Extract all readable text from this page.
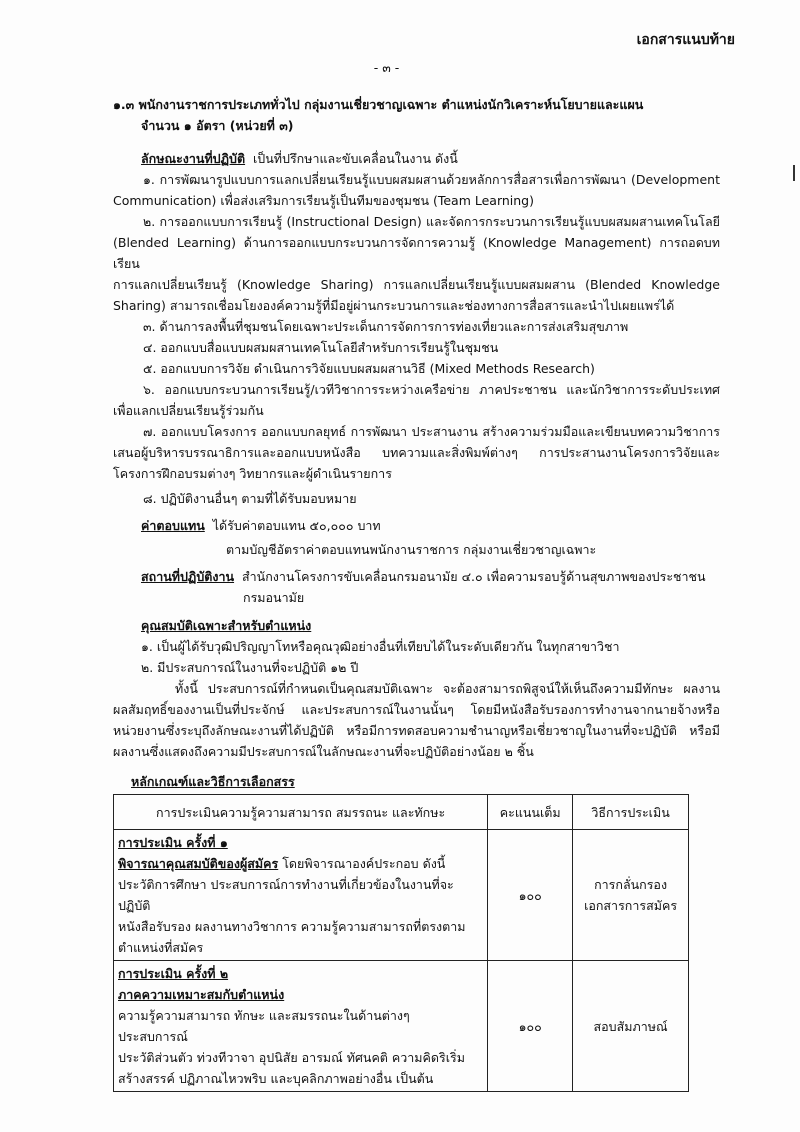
เอกสารแนบท้าย
- ๓ -
๑.๓ พนักงานราชการประเภททั่วไป กลุ่มงานเชี่ยวชาญเฉพาะ ตำแหน่งนักวิเคราะห์นโยบายและแผน
จำนวน ๑ อัตรา (หน่วยที่ ๓)
ลักษณะงานที่ปฏิบัติ เป็นที่ปรึกษาและขับเคลื่อนในงาน ดังนี้
๑. การพัฒนารูปแบบการแลกเปลี่ยนเรียนรู้แบบผสมผสานด้วยหลักการสื่อสารเพื่อการพัฒนา (Development
Communication) เพื่อส่งเสริมการเรียนรู้เป็นทีมของชุมชน (Team Learning)
๒. การออกแบบการเรียนรู้ (Instructional Design) และจัดการกระบวนการเรียนรู้แบบผสมผสานเทคโนโลยี
(Blended Learning) ด้านการออกแบบกระบวนการจัดการความรู้ (Knowledge Management) การถอดบทเรียน
การแลกเปลี่ยนเรียนรู้ (Knowledge Sharing) การแลกเปลี่ยนเรียนรู้แบบผสมผสาน (Blended Knowledge
Sharing) สามารถเชื่อมโยงองค์ความรู้ที่มีอยู่ผ่านกระบวนการและช่องทางการสื่อสารและนำไปเผยแพร่ได้
๓. ด้านการลงพื้นที่ชุมชนโดยเฉพาะประเด็นการจัดการการท่องเที่ยวและการส่งเสริมสุขภาพ
๔. ออกแบบสื่อแบบผสมผสานเทคโนโลยีสำหรับการเรียนรู้ในชุมชน
๕. ออกแบบการวิจัย ดำเนินการวิจัยแบบผสมผสานวิธี (Mixed Methods Research)
๖. ออกแบบกระบวนการเรียนรู้/เวทีวิชาการระหว่างเครือข่าย ภาคประชาชน และนักวิชาการระดับประเทศ
เพื่อแลกเปลี่ยนเรียนรู้ร่วมกัน
๗. ออกแบบโครงการ ออกแบบกลยุทธ์ การพัฒนา ประสานงาน สร้างความร่วมมือและเขียนบทความวิชาการ
เสนอผู้บริหารบรรณาธิการและออกแบบหนังสือ บทความและสิ่งพิมพ์ต่างๆ การประสานงานโครงการวิจัยและ
โครงการฝึกอบรมต่างๆ วิทยากรและผู้ดำเนินรายการ
๘. ปฏิบัติงานอื่นๆ ตามที่ได้รับมอบหมาย
ค่าตอบแทน ได้รับค่าตอบแทน ๕๐,๐๐๐ บาท
ตามบัญชีอัตราค่าตอบแทนพนักงานราชการ กลุ่มงานเชี่ยวชาญเฉพาะ
สถานที่ปฏิบัติงาน สำนักงานโครงการขับเคลื่อนกรมอนามัย ๔.๐ เพื่อความรอบรู้ด้านสุขภาพของประชาชน
กรมอนามัย
คุณสมบัติเฉพาะสำหรับตำแหน่ง
๑. เป็นผู้ได้รับวุฒิปริญญาโทหรือคุณวุฒิอย่างอื่นที่เทียบได้ในระดับเดียวกัน ในทุกสาขาวิชา
๒. มีประสบการณ์ในงานที่จะปฏิบัติ ๑๒ ปี
ทั้งนี้ ประสบการณ์ที่กำหนดเป็นคุณสมบัติเฉพาะ จะต้องสามารถพิสูจน์ให้เห็นถึงความมีทักษะ ผลงาน
ผลสัมฤทธิ์ของงานเป็นที่ประจักษ์ และประสบการณ์ในงานนั้นๆ โดยมีหนังสือรับรองการทำงานจากนายจ้างหรือ
หน่วยงานซึ่งระบุถึงลักษณะงานที่ได้ปฏิบัติ หรือมีการทดสอบความชำนาญหรือเชี่ยวชาญในงานที่จะปฏิบัติ หรือมี
ผลงานซึ่งแสดงถึงความมีประสบการณ์ในลักษณะงานที่จะปฏิบัติอย่างน้อย ๒ ชิ้น
หลักเกณฑ์และวิธีการเลือกสรร
การประเมินความรู้ความสามารถ สมรรถนะ และทักษะ	คะแนนเต็ม	วิธีการประเมิน

การประเมิน ครั้งที่ ๑
พิจารณาคุณสมบัติของผู้สมัคร โดยพิจารณาองค์ประกอบ ดังนี้
ประวัติการศึกษา ประสบการณ์การทำงานที่เกี่ยวข้องในงานที่จะปฏิบัติ
หนังสือรับรอง ผลงานทางวิชาการ ความรู้ความสามารถที่ตรงตาม
ตำแหน่งที่สมัคร	๑๐๐	การกลั่นกรองเอกสารการสมัคร

การประเมิน ครั้งที่ ๒
ภาคความเหมาะสมกับตำแหน่ง
ความรู้ความสามารถ ทักษะ และสมรรถนะในด้านต่างๆ ประสบการณ์
ประวัติส่วนตัว ท่วงทีวาจา อุปนิสัย อารมณ์ ทัศนคติ ความคิดริเริ่ม
สร้างสรรค์ ปฏิภาณไหวพริบ และบุคลิกภาพอย่างอื่น เป็นต้น	๑๐๐	สอบสัมภาษณ์
